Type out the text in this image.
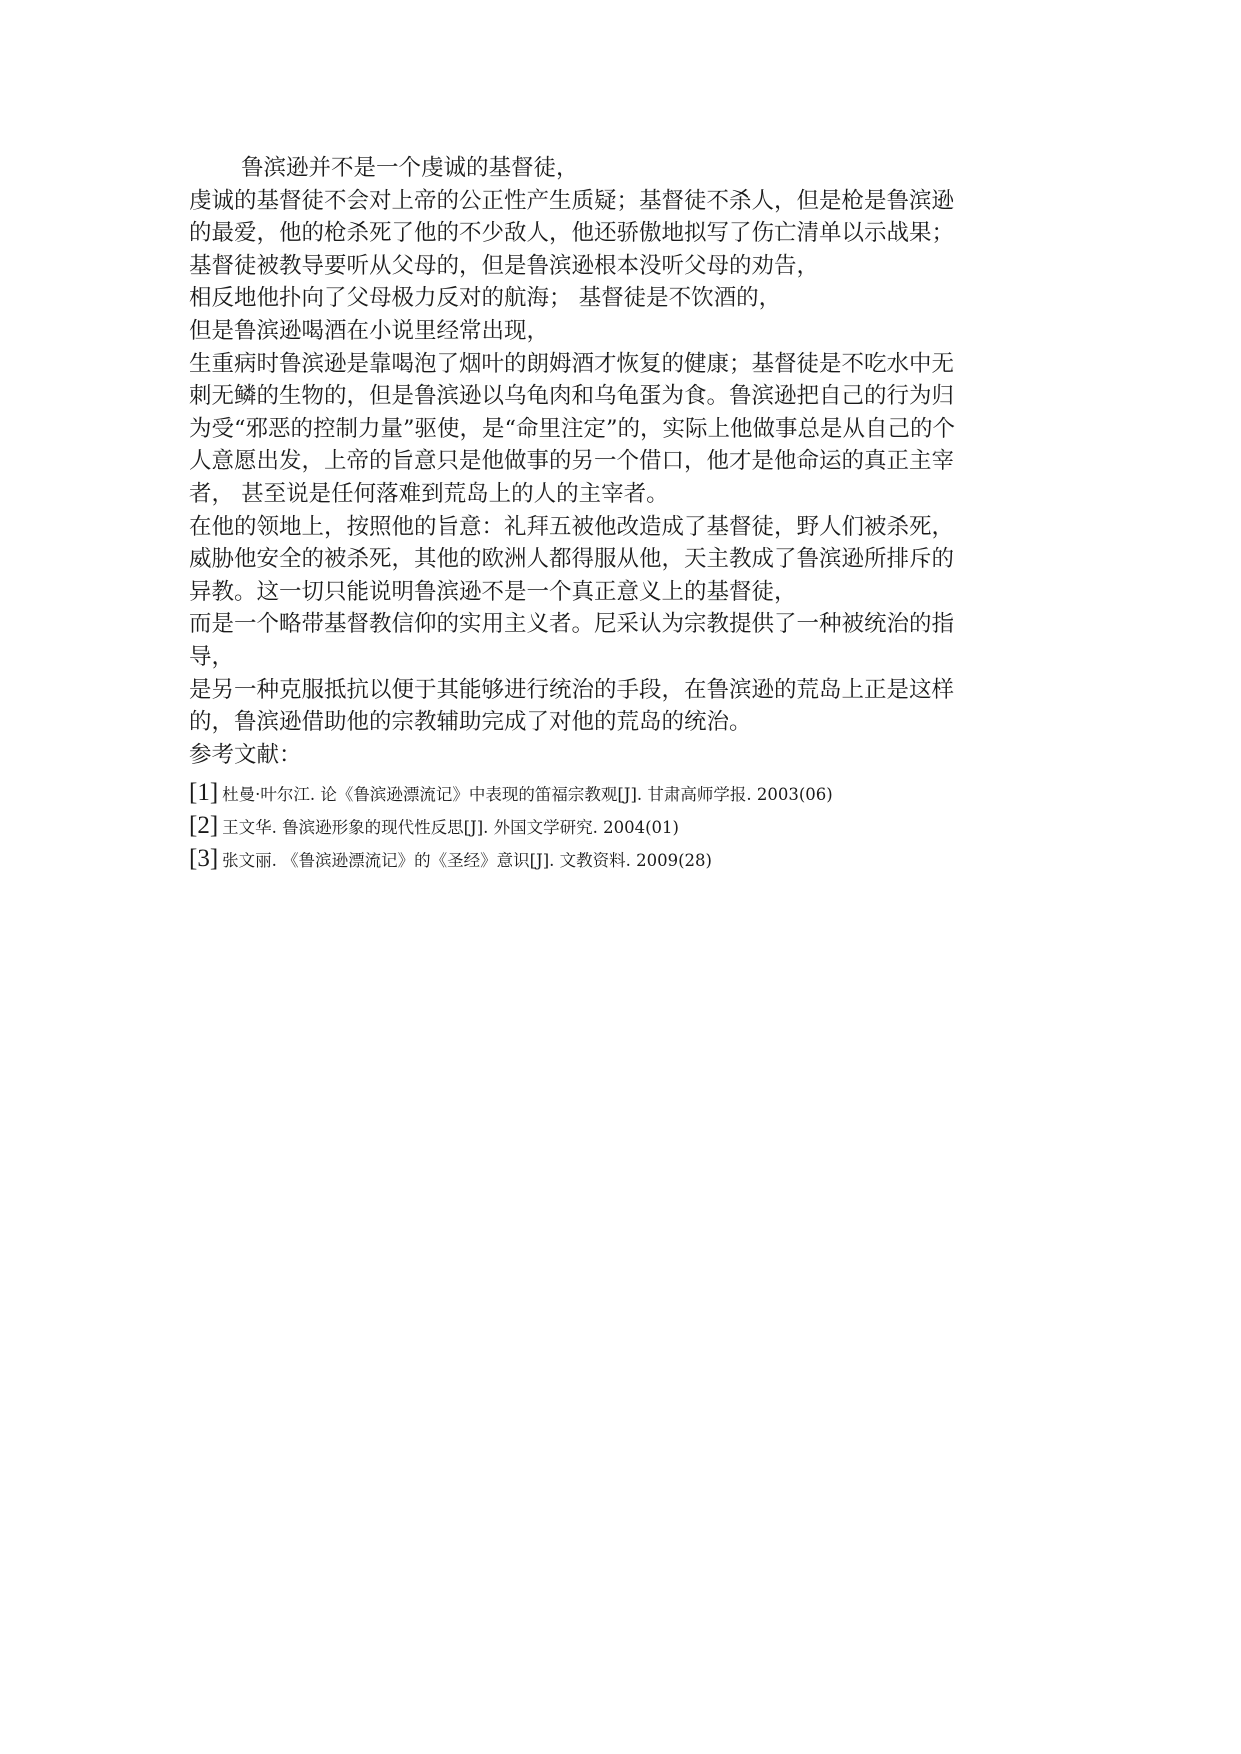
鲁滨逊并不是一个虔诚的基督徒，
虔诚的基督徒不会对上帝的公正性产生质疑；基督徒不杀人，但是枪是鲁滨逊
的最爱，他的枪杀死了他的不少敌人，他还骄傲地拟写了伤亡清单以示战果；
基督徒被教导要听从父母的，但是鲁滨逊根本没听父母的劝告，
相反地他扑向了父母极力反对的航海； 基督徒是不饮酒的，
但是鲁滨逊喝酒在小说里经常出现，
生重病时鲁滨逊是靠喝泡了烟叶的朗姆酒才恢复的健康；基督徒是不吃水中无
刺无鳞的生物的，但是鲁滨逊以乌龟肉和乌龟蛋为食。鲁滨逊把自己的行为归
为受“邪恶的控制力量”驱使，是“命里注定”的，实际上他做事总是从自己的个
人意愿出发，上帝的旨意只是他做事的另一个借口，他才是他命运的真正主宰
者， 甚至说是任何落难到荒岛上的人的主宰者。
在他的领地上，按照他的旨意：礼拜五被他改造成了基督徒，野人们被杀死，
威胁他安全的被杀死，其他的欧洲人都得服从他，天主教成了鲁滨逊所排斥的
异教。这一切只能说明鲁滨逊不是一个真正意义上的基督徒，
而是一个略带基督教信仰的实用主义者。尼采认为宗教提供了一种被统治的指
导，
是另一种克服抵抗以便于其能够进行统治的手段，在鲁滨逊的荒岛上正是这样
的，鲁滨逊借助他的宗教辅助完成了对他的荒岛的统治。
参考文献：
[1] 杜曼·叶尔江. 论《鲁滨逊漂流记》中表现的笛福宗教观[J]. 甘肃高师学报. 2003(06)
[2] 王文华. 鲁滨逊形象的现代性反思[J]. 外国文学研究. 2004(01)
[3] 张文丽. 《鲁滨逊漂流记》的《圣经》意识[J]. 文教资料. 2009(28)
